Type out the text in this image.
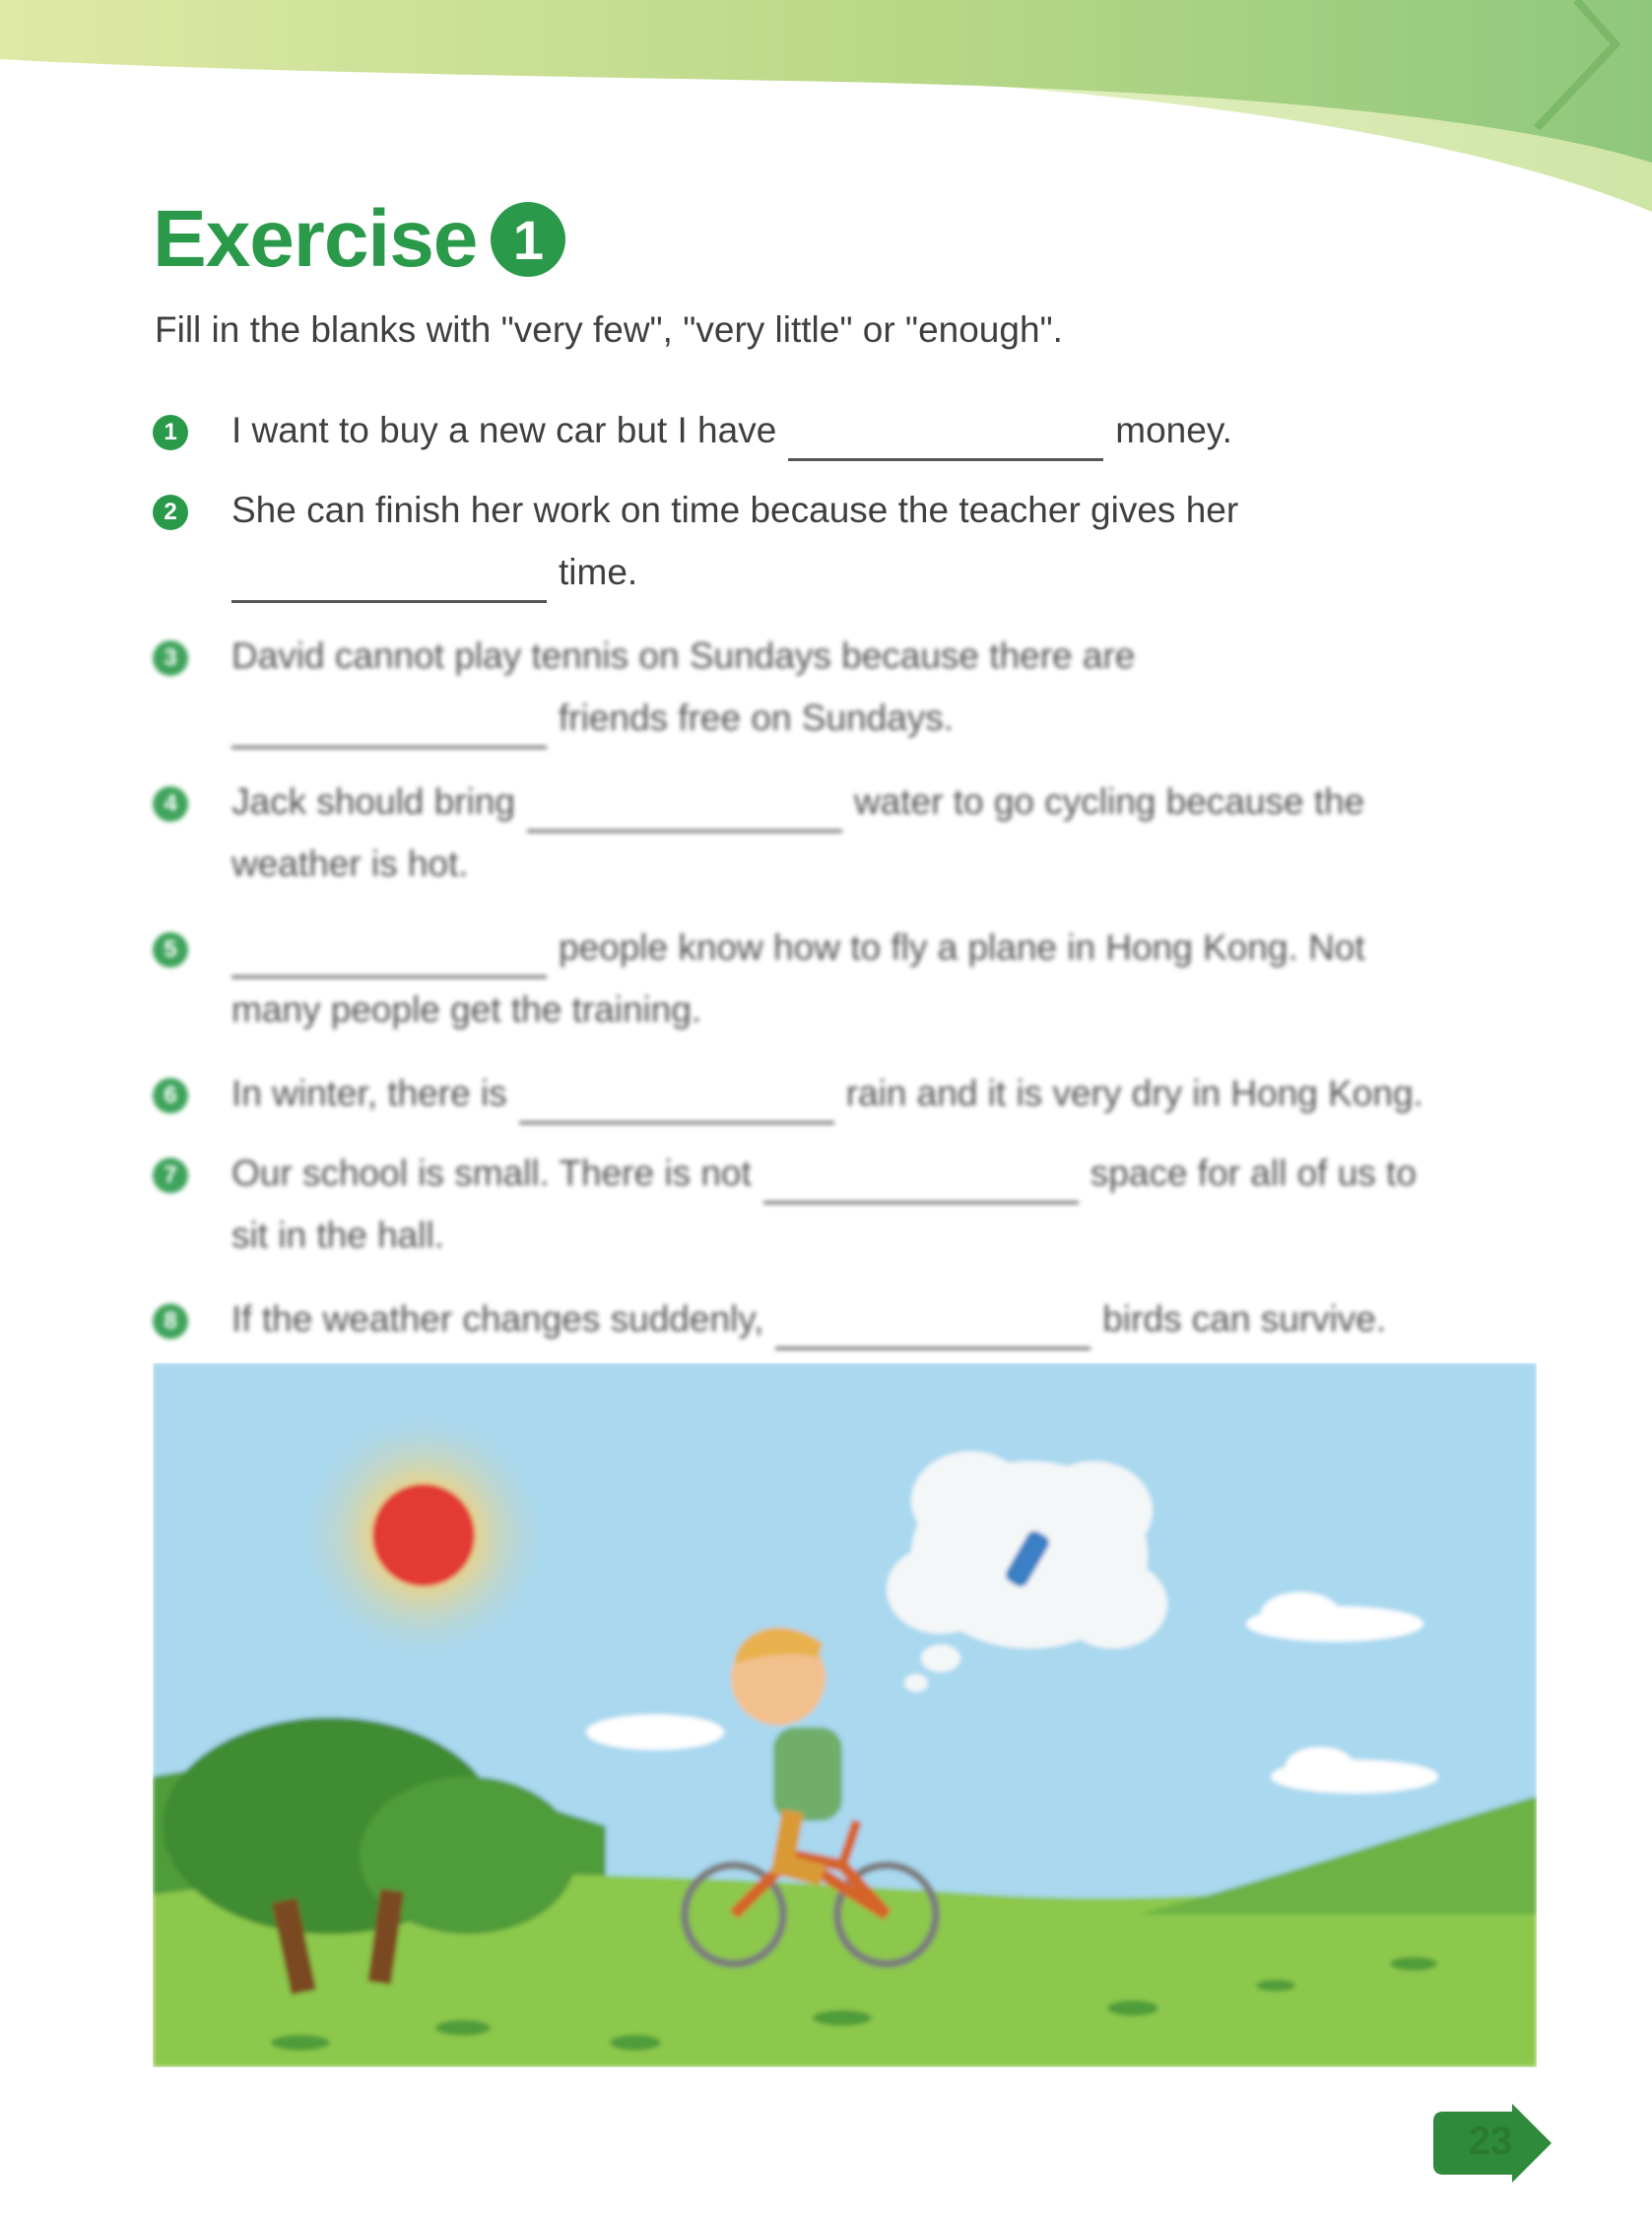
Exercise 1
Fill in the blanks with "very few", "very little" or "enough".
1	I want to buy a new car but I have	money.
2	She can finish her work on time because the teacher gives her
time.
3	David cannot play tennis on Sundays because there are
friends free on Sundays.
4	Jack should bring	water to go cycling because the
weather is hot.
5	people know how to fly a plane in Hong Kong. Not
many people get the training.
6	In winter, there is	rain and it is very dry in Hong Kong.
7	Our school is small. There is not	space for all of us to
sit in the hall.
8	If the weather changes suddenly,	birds can survive.
23
